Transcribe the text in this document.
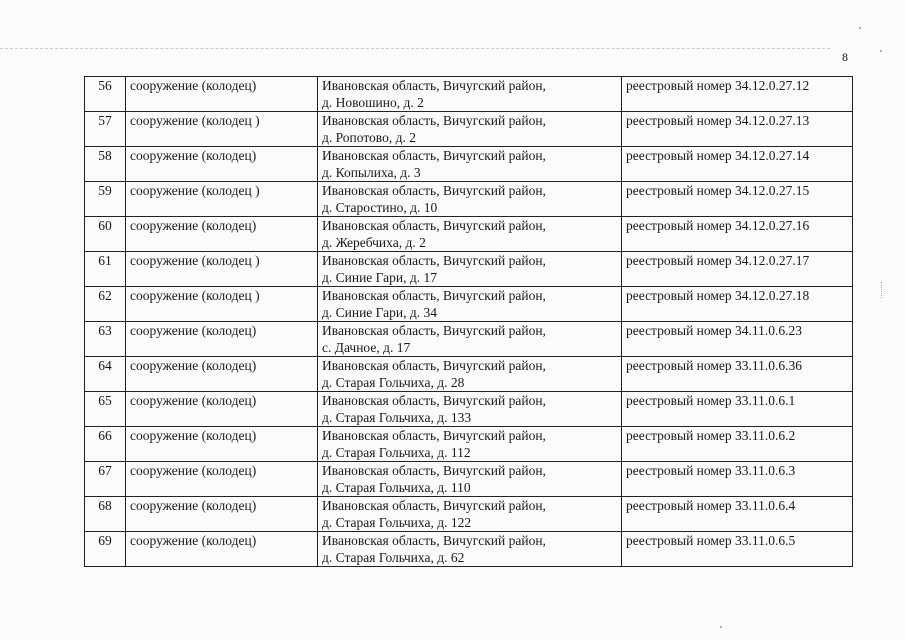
8
56	сооружение (колодец)	Ивановская область, Вичугский район,
д. Новошино, д. 2	реестровый номер 34.12.0.27.12
57	сооружение (колодец )	Ивановская область, Вичугский район,
д. Ропотово, д. 2	реестровый номер 34.12.0.27.13
58	сооружение (колодец)	Ивановская область, Вичугский район,
д. Копылиха, д. 3	реестровый номер 34.12.0.27.14
59	сооружение (колодец )	Ивановская область, Вичугский район,
д. Старостино, д. 10	реестровый номер 34.12.0.27.15
60	сооружение (колодец)	Ивановская область, Вичугский район,
д. Жеребчиха, д. 2	реестровый номер 34.12.0.27.16
61	сооружение (колодец )	Ивановская область, Вичугский район,
д. Синие Гари, д. 17	реестровый номер 34.12.0.27.17
62	сооружение (колодец )	Ивановская область, Вичугский район,
д. Синие Гари, д. 34	реестровый номер 34.12.0.27.18
63	сооружение (колодец)	Ивановская область, Вичугский район,
с. Дачное, д. 17	реестровый номер 34.11.0.6.23
64	сооружение (колодец)	Ивановская область, Вичугский район,
д. Старая Гольчиха, д. 28	реестровый номер 33.11.0.6.36
65	сооружение (колодец)	Ивановская область, Вичугский район,
д. Старая Гольчиха, д. 133	реестровый номер 33.11.0.6.1
66	сооружение (колодец)	Ивановская область, Вичугский район,
д. Старая Гольчиха, д. 112	реестровый номер 33.11.0.6.2
67	сооружение (колодец)	Ивановская область, Вичугский район,
д. Старая Гольчиха, д. 110	реестровый номер 33.11.0.6.3
68	сооружение (колодец)	Ивановская область, Вичугский район,
д. Старая Гольчиха, д. 122	реестровый номер 33.11.0.6.4
69	сооружение (колодец)	Ивановская область, Вичугский район,
д. Старая Гольчиха, д. 62	реестровый номер 33.11.0.6.5
